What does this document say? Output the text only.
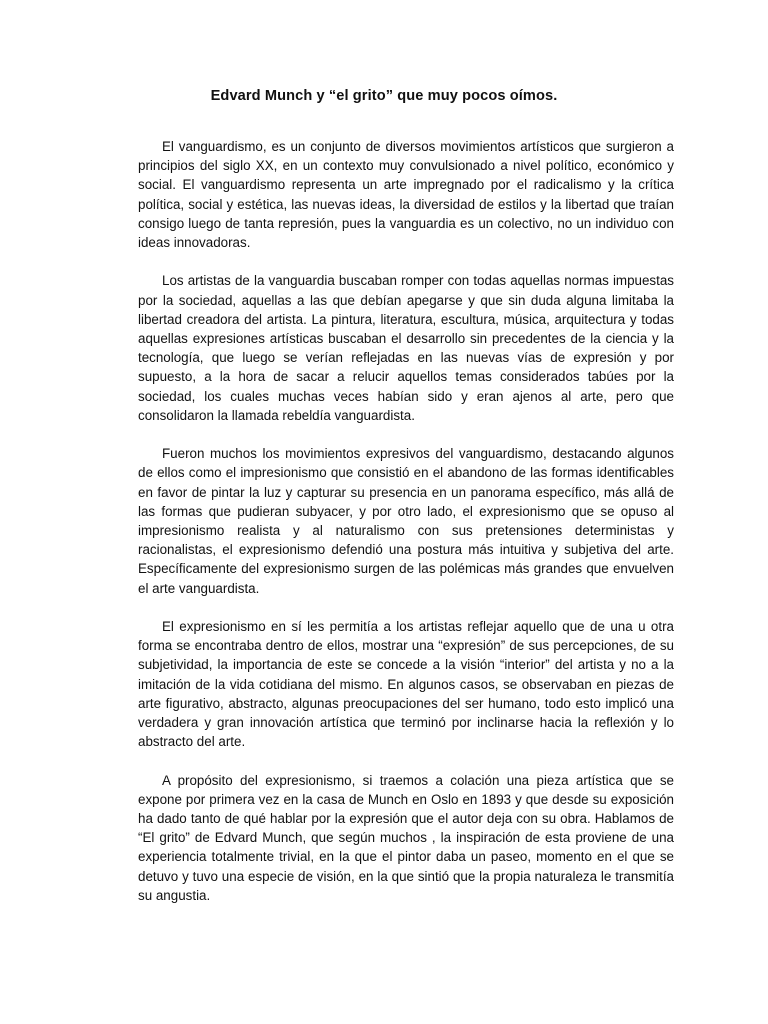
Edvard Munch y “el grito” que muy pocos oímos.

El vanguardismo, es un conjunto de diversos movimientos artísticos que surgieron a principios del siglo XX, en un contexto muy convulsionado a nivel político, económico y social. El vanguardismo representa un arte impregnado por el radicalismo y la crítica política, social y estética, las nuevas ideas, la diversidad de estilos y la libertad que traían consigo luego de tanta represión, pues la vanguardia es un colectivo, no un individuo con ideas innovadoras.

Los artistas de la vanguardia buscaban romper con todas aquellas normas impuestas por la sociedad, aquellas a las que debían apegarse y que sin duda alguna limitaba la libertad creadora del artista. La pintura, literatura, escultura, música, arquitectura y todas aquellas expresiones artísticas buscaban el desarrollo sin precedentes de la ciencia y la tecnología, que luego se verían reflejadas en las nuevas vías de expresión y por supuesto, a la hora de sacar a relucir aquellos temas considerados tabúes por la sociedad, los cuales muchas veces habían sido y eran ajenos al arte, pero que consolidaron la llamada rebeldía vanguardista.

Fueron muchos los movimientos expresivos del vanguardismo, destacando algunos de ellos como el impresionismo que consistió en el abandono de las formas identificables en favor de pintar la luz y capturar su presencia en un panorama específico, más allá de las formas que pudieran subyacer, y por otro lado, el expresionismo que se opuso al impresionismo realista y al naturalismo con sus pretensiones deterministas y racionalistas, el expresionismo defendió una postura más intuitiva y subjetiva del arte. Específicamente del expresionismo surgen de las polémicas más grandes que envuelven el arte vanguardista.

El expresionismo en sí les permitía a los artistas reflejar aquello que de una u otra forma se encontraba dentro de ellos, mostrar una “expresión” de sus percepciones, de su subjetividad, la importancia de este se concede a la visión “interior” del artista y no a la imitación de la vida cotidiana del mismo. En algunos casos, se observaban en piezas de arte figurativo, abstracto, algunas preocupaciones del ser humano, todo esto implicó una verdadera y gran innovación artística que terminó por inclinarse hacia la reflexión y lo abstracto del arte.

A propósito del expresionismo, si traemos a colación una pieza artística que se expone por primera vez en la casa de Munch en Oslo en 1893 y que desde su exposición ha dado tanto de qué hablar por la expresión que el autor deja con su obra. Hablamos de “El grito” de Edvard Munch, que según muchos , la inspiración de esta proviene de una experiencia totalmente trivial, en la que el pintor daba un paseo, momento en el que se detuvo y tuvo una especie de visión, en la que sintió que la propia naturaleza le transmitía su angustia.
